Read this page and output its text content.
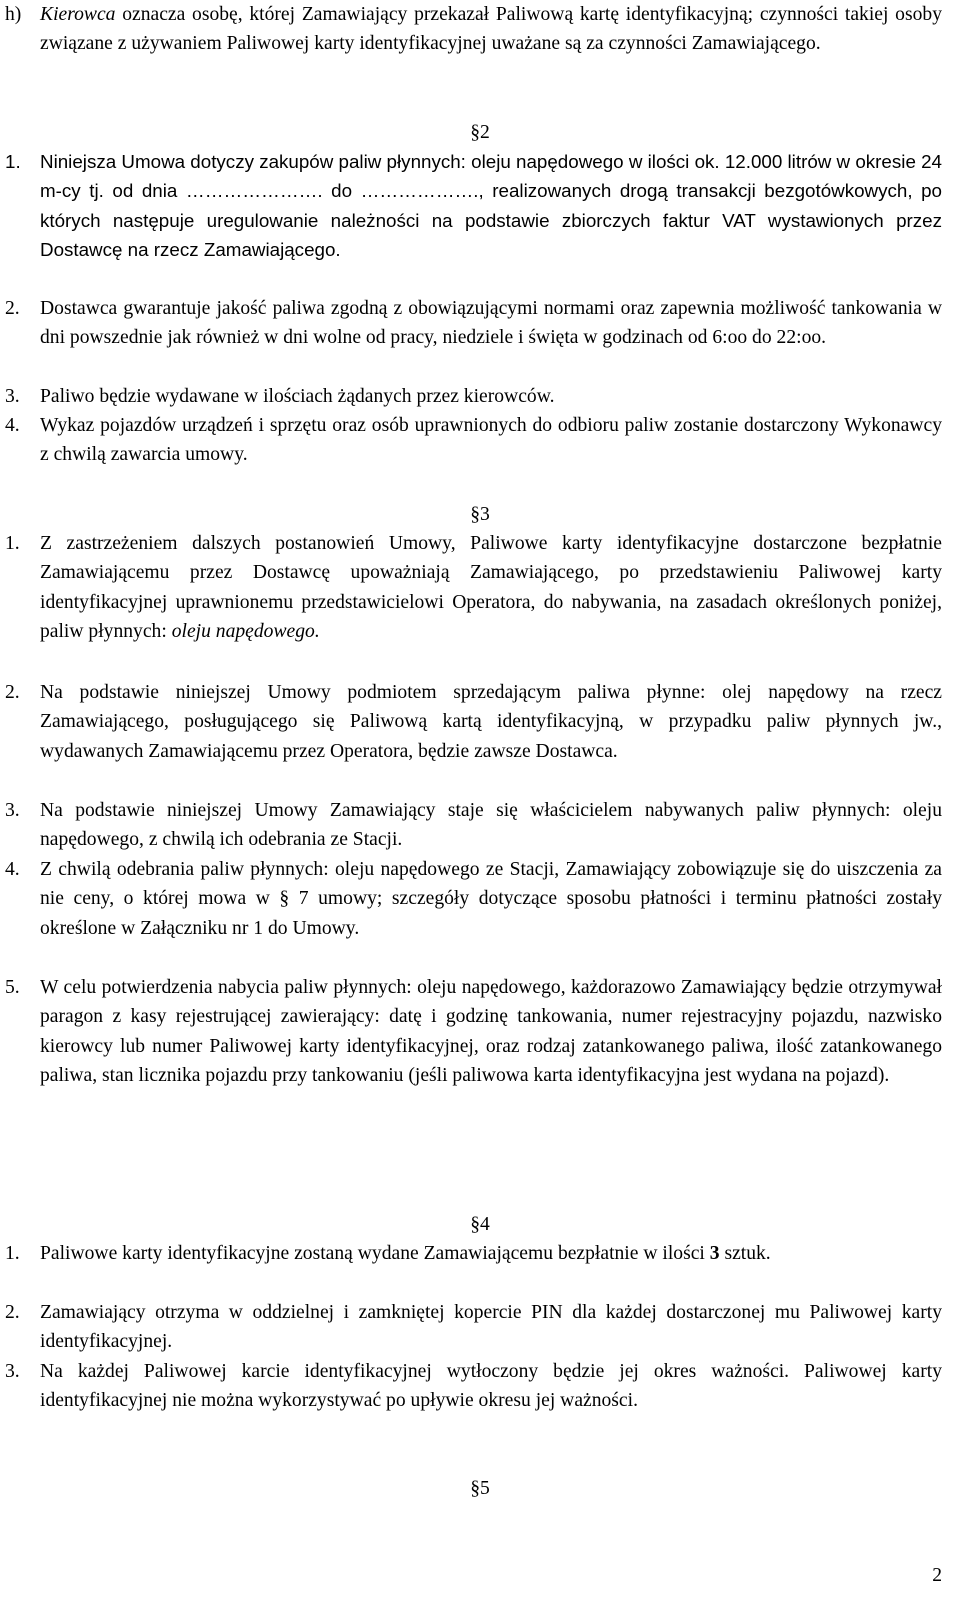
h) Kierowca oznacza osobę, której Zamawiający przekazał Paliwową kartę identyfikacyjną; czynności takiej osoby związane z używaniem Paliwowej karty identyfikacyjnej uważane są za czynności Zamawiającego.
§2
1. Niniejsza Umowa dotyczy zakupów paliw płynnych: oleju napędowego w ilości ok. 12.000 litrów w okresie 24 m-cy tj. od dnia …………………. do ………………., realizowanych drogą transakcji bezgotówkowych, po których następuje uregulowanie należności na podstawie zbiorczych faktur VAT wystawionych przez Dostawcę na rzecz Zamawiającego.
2. Dostawca gwarantuje jakość paliwa zgodną z obowiązującymi normami oraz zapewnia możliwość tankowania w dni powszednie jak również w dni wolne od pracy, niedziele i święta w godzinach od 6:oo do 22:oo.
3. Paliwo będzie wydawane w ilościach żądanych przez kierowców.
4. Wykaz pojazdów urządzeń i sprzętu oraz osób uprawnionych do odbioru paliw zostanie dostarczony Wykonawcy z chwilą zawarcia umowy.
§3
1. Z zastrzeżeniem dalszych postanowień Umowy, Paliwowe karty identyfikacyjne dostarczone bezpłatnie Zamawiającemu przez Dostawcę upoważniają Zamawiającego, po przedstawieniu Paliwowej karty identyfikacyjnej uprawnionemu przedstawicielowi Operatora, do nabywania, na zasadach określonych poniżej, paliw płynnych: oleju napędowego.
2. Na podstawie niniejszej Umowy podmiotem sprzedającym paliwa płynne: olej napędowy na rzecz Zamawiającego, posługującego się Paliwową kartą identyfikacyjną, w przypadku paliw płynnych jw., wydawanych Zamawiającemu przez Operatora, będzie zawsze Dostawca.
3. Na podstawie niniejszej Umowy Zamawiający staje się właścicielem nabywanych paliw płynnych: oleju napędowego, z chwilą ich odebrania ze Stacji.
4. Z chwilą odebrania paliw płynnych: oleju napędowego ze Stacji, Zamawiający zobowiązuje się do uiszczenia za nie ceny, o której mowa w § 7 umowy; szczegóły dotyczące sposobu płatności i terminu płatności zostały określone w Załączniku nr 1 do Umowy.
5. W celu potwierdzenia nabycia paliw płynnych: oleju napędowego, każdorazowo Zamawiający będzie otrzymywał paragon z kasy rejestrującej zawierający: datę i godzinę tankowania, numer rejestracyjny pojazdu, nazwisko kierowcy lub numer Paliwowej karty identyfikacyjnej, oraz rodzaj zatankowanego paliwa, ilość zatankowanego paliwa, stan licznika pojazdu przy tankowaniu (jeśli paliwowa karta identyfikacyjna jest wydana na pojazd).
§4
1. Paliwowe karty identyfikacyjne zostaną wydane Zamawiającemu bezpłatnie w ilości 3 sztuk.
2. Zamawiający otrzyma w oddzielnej i zamkniętej kopercie PIN dla każdej dostarczonej mu Paliwowej karty identyfikacyjnej.
3. Na każdej Paliwowej karcie identyfikacyjnej wytłoczony będzie jej okres ważności. Paliwowej karty identyfikacyjnej nie można wykorzystywać po upływie okresu jej ważności.
§5
2
